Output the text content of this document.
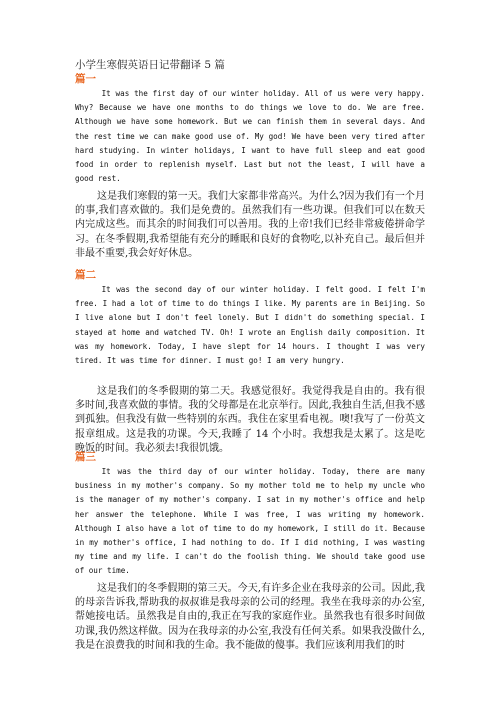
小学生寒假英语日记带翻译 5 篇
篇一

It was the first day of our winter holiday. All of us were very happy. Why? Because we have one months to do things we love to do. We are free. Although we have some homework. But we can finish them in several days. And the rest time we can make good use of. My god! We have been very tired after hard studying. In winter holidays, I want to have full sleep and eat good food in order to replenish myself. Last but not the least, I will have a good rest.

这是我们寒假的第一天。我们大家都非常高兴。为什么?因为我们有一个月的事,我们喜欢做的。我们是免费的。虽然我们有一些功课。但我们可以在数天内完成这些。而其余的时间我们可以善用。我的上帝!我们已经非常疲倦拼命学习。在冬季假期,我希望能有充分的睡眠和良好的食物吃,以补充自己。最后但并非最不重要,我会好好休息。

篇二

It was the second day of our winter holiday. I felt good. I felt I'm free. I had a lot of time to do things I like. My parents are in Beijing. So I live alone but I don't feel lonely. But I didn't do something special. I stayed at home and watched TV. Oh! I wrote an English daily composition. It was my homework. Today, I have slept for 14 hours. I thought I was very tired. It was time for dinner. I must go! I am very hungry.

这是我们的冬季假期的第二天。我感觉很好。我觉得我是自由的。我有很多时间,我喜欢做的事情。我的父母都是在北京举行。因此,我独自生活,但我不感到孤独。但我没有做一些特别的东西。我住在家里看电视。噢!我写了一份英文报章组成。这是我的功课。今天,我睡了 14 个小时。我想我是太累了。这是吃晚饭的时间。我必须去!我很饥饿。

篇三

It was the third day of our winter holiday. Today, there are many business in my mother's company. So my mother told me to help my uncle who is the manager of my mother's company. I sat in my mother's office and help her answer the telephone. While I was free, I was writing my homework. Although I also have a lot of time to do my homework, I still do it. Because in my mother's office, I had nothing to do. If I did nothing, I was wasting my time and my life. I can't do the foolish thing. We should take good use of our time.

这是我们的冬季假期的第三天。今天,有许多企业在我母亲的公司。因此,我的母亲告诉我,帮助我的叔叔谁是我母亲的公司的经理。我坐在我母亲的办公室,帮她接电话。虽然我是自由的,我正在写我的家庭作业。虽然我也有很多时间做功课,我仍然这样做。因为在我母亲的办公室,我没有任何关系。如果我没做什么,我是在浪费我的时间和我的生命。我不能做的傻事。我们应该利用我们的时
